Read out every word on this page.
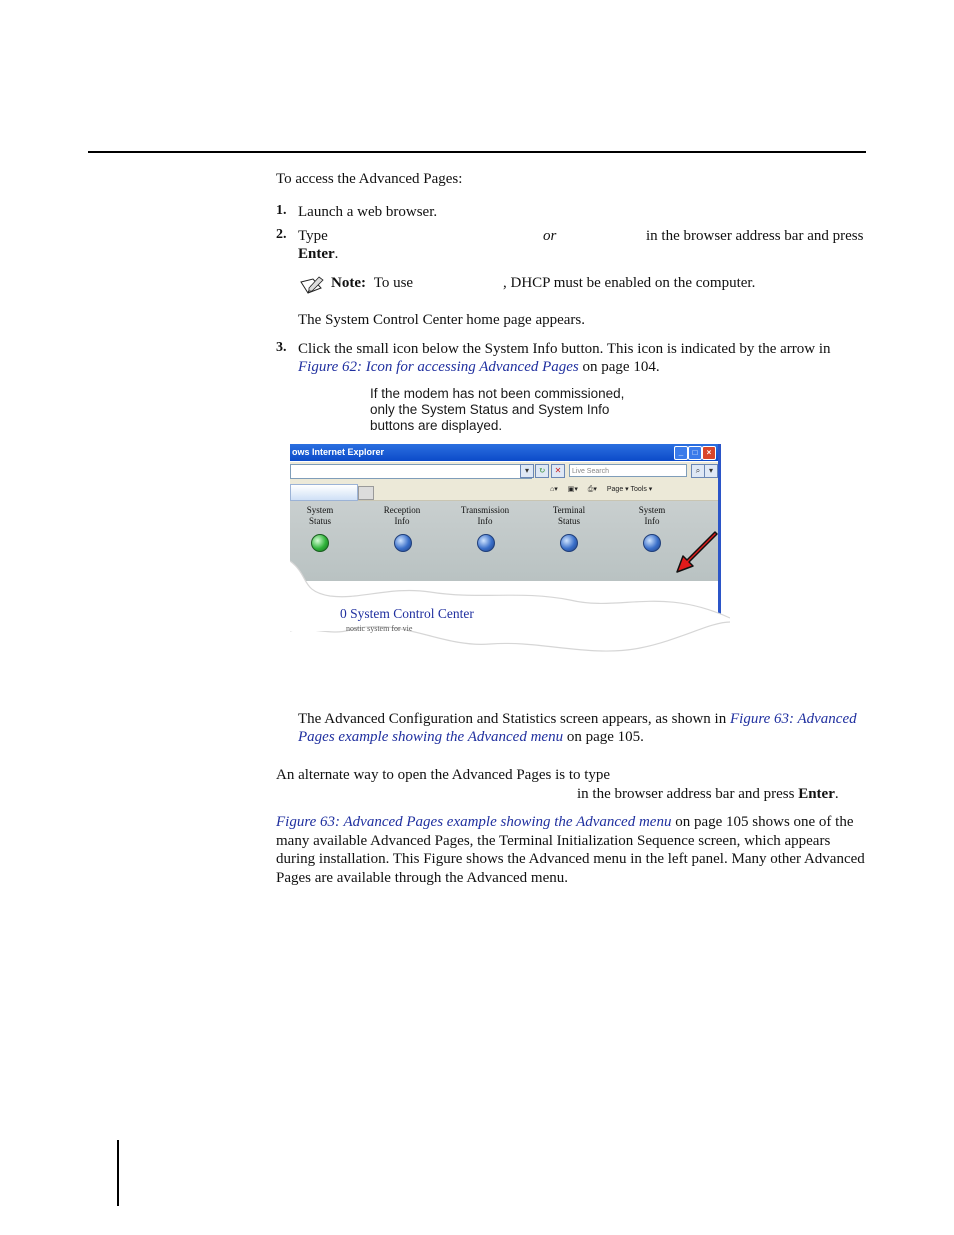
To access the Advanced Pages:
1. Launch a web browser.
2. Type	or	in the browser address bar and press
Enter.
Note: To use	, DHCP must be enabled on the computer.
The System Control Center home page appears.
3. Click the small icon below the System Info button. This icon is indicated by the arrow in
Figure 62: Icon for accessing Advanced Pages on page 104.
If the modem has not been commissioned,
only the System Status and System Info
buttons are displayed.
ows Internet Explorer	_	□	×
▾	↻	✕	Live Search	⌕	▾
⌂▾ ▣▾ ⎙▾ Page ▾ Tools ▾
System
Status
Reception
Info
Transmission
Info
Terminal
Status
System
Info
0 System Control Center
nostic system for vie
The Advanced Configuration and Statistics screen appears, as shown in Figure 63: Advanced
Pages example showing the Advanced menu on page 105.
An alternate way to open the Advanced Pages is to type
in the browser address bar and press Enter.
Figure 63: Advanced Pages example showing the Advanced menu on page 105 shows one of the
many available Advanced Pages, the Terminal Initialization Sequence screen, which appears
during installation. This Figure shows the Advanced menu in the left panel. Many other Advanced
Pages are available through the Advanced menu.
